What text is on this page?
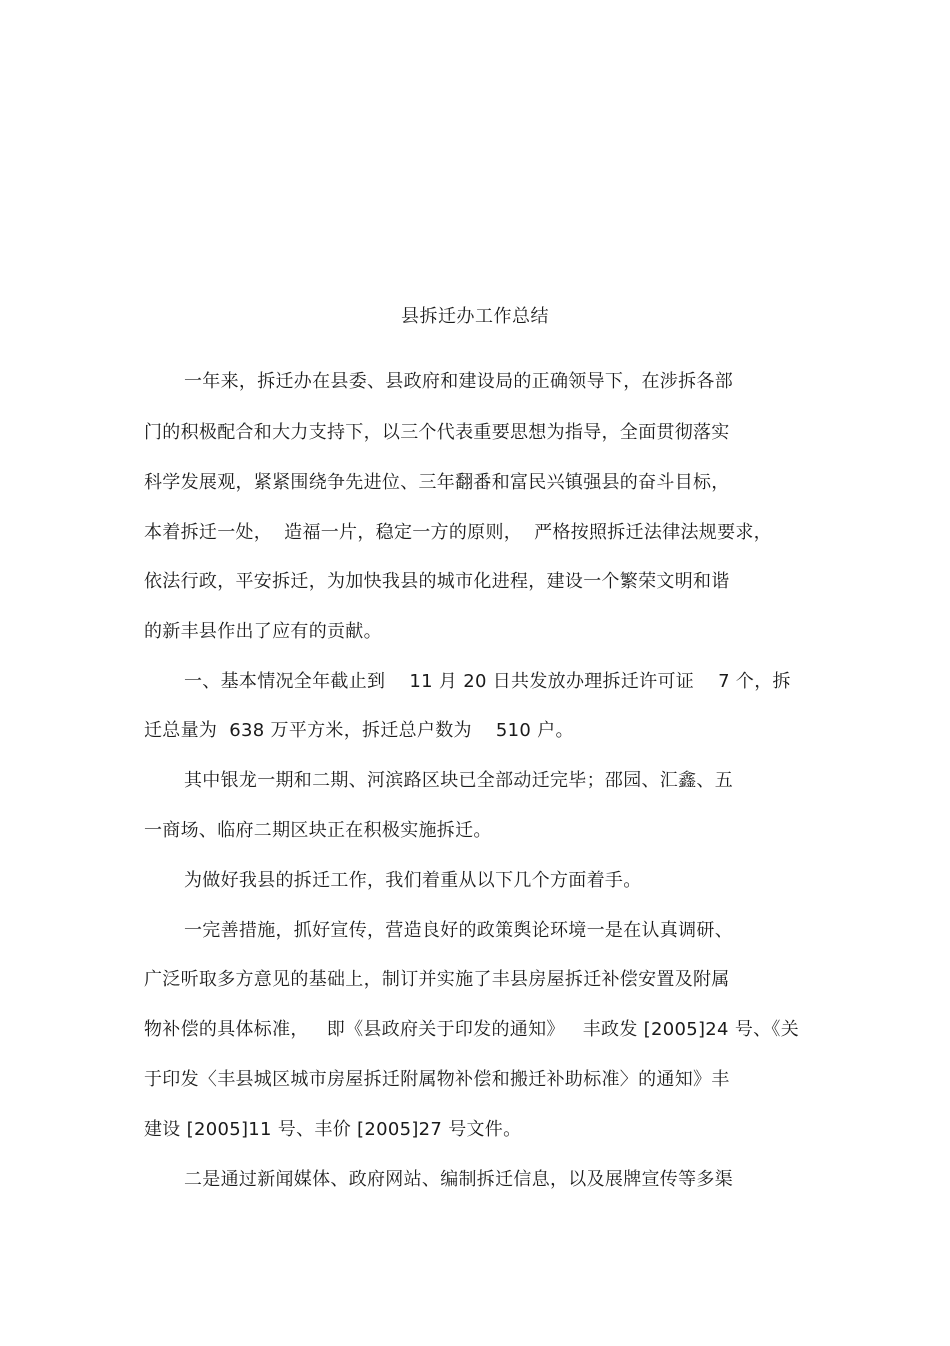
县拆迁办工作总结
一年来，拆迁办在县委、县政府和建设局的正确领导下，在涉拆各部
门的积极配合和大力支持下，以三个代表重要思想为指导，全面贯彻落实
科学发展观，紧紧围绕争先进位、三年翻番和富民兴镇强县的奋斗目标，
本着拆迁一处，  造福一片，稳定一方的原则，  严格按照拆迁法律法规要求，
依法行政，平安拆迁，为加快我县的城市化进程，建设一个繁荣文明和谐
的新丰县作出了应有的贡献。
一、基本情况全年截止到    11 月 20 日共发放办理拆迁许可证    7 个，拆
迁总量为  638 万平方米，拆迁总户数为    510 户。
其中银龙一期和二期、河滨路区块已全部动迁完毕；邵园、汇鑫、五
一商场、临府二期区块正在积极实施拆迁。
为做好我县的拆迁工作，我们着重从以下几个方面着手。
一完善措施，抓好宣传，营造良好的政策舆论环境一是在认真调研、
广泛听取多方意见的基础上，制订并实施了丰县房屋拆迁补偿安置及附属
物补偿的具体标准，   即《县政府关于印发的通知》   丰政发 [2005]24 号、《关
于印发〈丰县城区城市房屋拆迁附属物补偿和搬迁补助标准〉的通知》丰
建设 [2005]11 号、丰价 [2005]27 号文件。
二是通过新闻媒体、政府网站、编制拆迁信息，以及展牌宣传等多渠
